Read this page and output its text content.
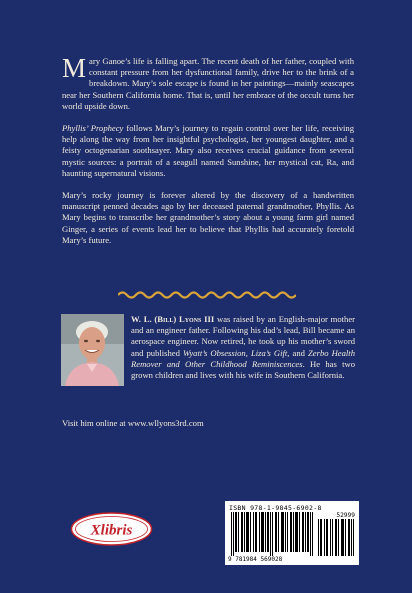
Mary Ganoe’s life is falling apart. The recent death of her father, coupled with constant pressure from her dysfunctional family, drive her to the brink of a breakdown. Mary’s sole escape is found in her paintings—mainly seascapes near her Southern California home. That is, until her embrace of the occult turns her world upside down.

Phyllis’ Prophecy follows Mary’s journey to regain control over her life, receiving help along the way from her insightful psychologist, her youngest daughter, and a feisty octogenarian soothsayer. Mary also receives crucial guidance from several mystic sources: a portrait of a seagull named Sunshine, her mystical cat, Ra, and haunting supernatural visions.

Mary’s rocky journey is forever altered by the discovery of a handwritten manuscript penned decades ago by her deceased paternal grandmother, Phyllis. As Mary begins to transcribe her grandmother’s story about a young farm girl named Ginger, a series of events lead her to believe that Phyllis had accurately foretold Mary’s future.

W. L. (Bill) Lyons III was raised by an English-major mother and an engineer father. Following his dad’s lead, Bill became an aerospace engineer. Now retired, he took up his mother’s sword and published Wyatt’s Obsession, Liza’s Gift, and Zerbo Health Remover and Other Childhood Reminiscences. He has two grown children and lives with his wife in Southern California.
Visit him online at www.wllyons3rd.com
Xlibris
ISBN 978-1-9845-6902-8
52999
9 781984 569028
